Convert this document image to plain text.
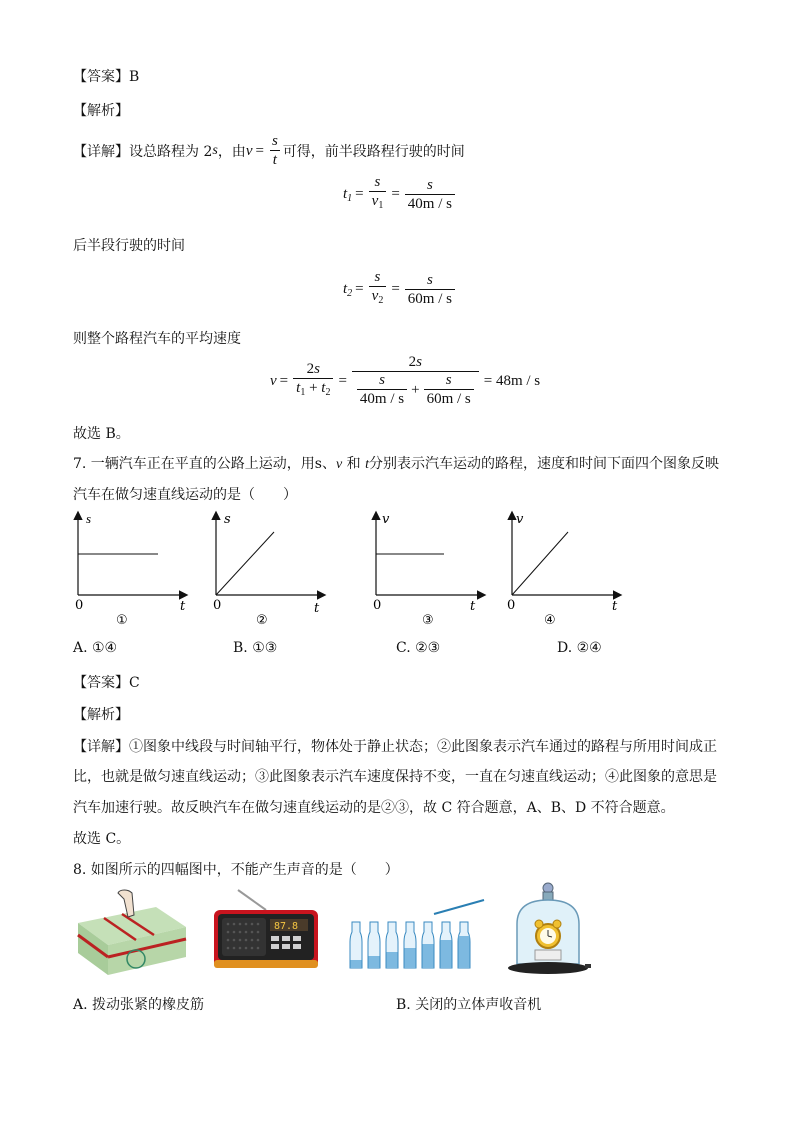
【答案】B
【解析】
【详解】 设总路程为 2 s ，由 $v = \frac{s}{t}$ 可得，前半段路程行驶的时间
$t_1 = \frac{s}{v_1} = \frac{s}{40m / s}$
后半段行驶的时间
$t_2 = \frac{s}{v_2} = \frac{s}{60m / s}$
则整个路程汽车的平均速度
$v = \frac{2s}{t_1 + t_2} = \frac{2s}{\frac{s}{40m / s} + \frac{s}{60m / s}} = 48m / s$
故选 B。
7. 一辆汽车正在平直的公路上运动，用s、v 和 t分别表示汽车运动的路程，速度和时间下面四个图象反映
汽车在做匀速直线运动的是（　　）
s
t
0
①
s
t
0
②
v
t
0
③
v
t
0
④
A. ①④	B. ①③	C. ②③	D. ②④
【答案】C
【解析】
【详解】①图象中线段与时间轴平行，物体处于静止状态；②此图象表示汽车通过的路程与所用时间成正
比，也就是做匀速直线运动；③此图象表示汽车速度保持不变，一直在匀速直线运动；④此图象的意思是
汽车加速行驶。故反映汽车在做匀速直线运动的是②③，故 C 符合题意，A、B、D 不符合题意。
故选 C。
8. 如图所示的四幅图中，不能产生声音的是（　　）
87.8
A. 拨动张紧的橡皮筋	B. 关闭的立体声收音机
